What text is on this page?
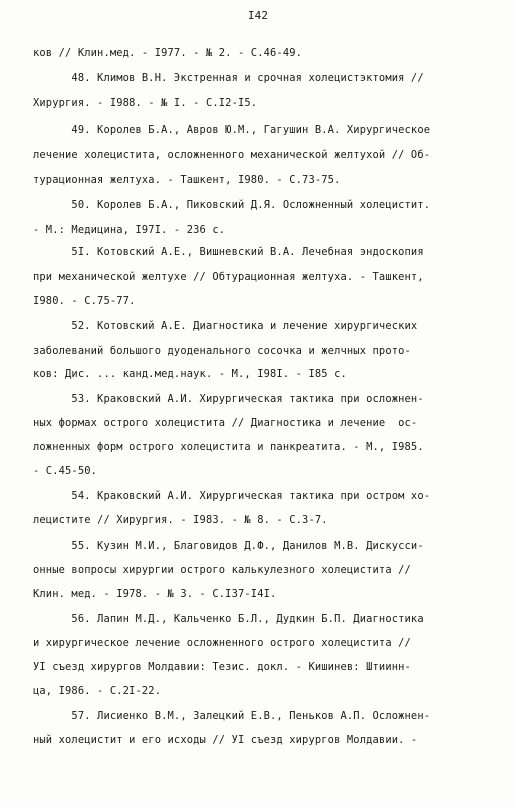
I42
ков // Клин.мед. - I977. - № 2. - С.46-49.
48. Климов В.Н. Экстренная и срочная холецистэктомия //
Хирургия. - I988. - № I. - С.I2-I5.
49. Королев Б.А., Авров Ю.М., Гагушин В.А. Хирургическое
лечение холецистита, осложненного механической желтухой // Об-
турационная желтуха. - Ташкент, I980. - С.73-75.
50. Королев Б.А., Пиковский Д.Я. Осложненный холецистит.
- М.: Медицина, I97I. - 236 с.
5I. Котовский А.Е., Вишневский В.А. Лечебная эндоскопия
при механической желтухе // Обтурационная желтуха. - Ташкент,
I980. - С.75-77.
52. Котовский А.Е. Диагностика и лечение хирургических
заболеваний большого дуоденального сосочка и желчных прото-
ков: Дис. ... канд.мед.наук. - М., I98I. - I85 с.
53. Краковский А.И. Хирургическая тактика при осложнен-
ных формах острого холецистита // Диагностика и лечение  ос-
ложненных форм острого холецистита и панкреатита. - М., I985.
- С.45-50.
54. Краковский А.И. Хирургическая тактика при остром хо-
лецистите // Хирургия. - I983. - № 8. - С.3-7.
55. Кузин М.И., Благовидов Д.Ф., Данилов М.В. Дискусси-
онные вопросы хирургии острого калькулезного холецистита //
Клин. мед. - I978. - № 3. - С.I37-I4I.
56. Лапин М.Д., Кальченко Б.Л., Дудкин Б.П. Диагностика
и хирургическое лечение осложненного острого холецистита //
УI съезд хирургов Молдавии: Тезис. докл. - Кишинев: Штиинн-
ца, I986. - С.2I-22.
57. Лисиенко В.М., Залецкий Е.В., Пеньков А.П. Осложнен-
ный холецистит и его исходы // УI съезд хирургов Молдавии. -
